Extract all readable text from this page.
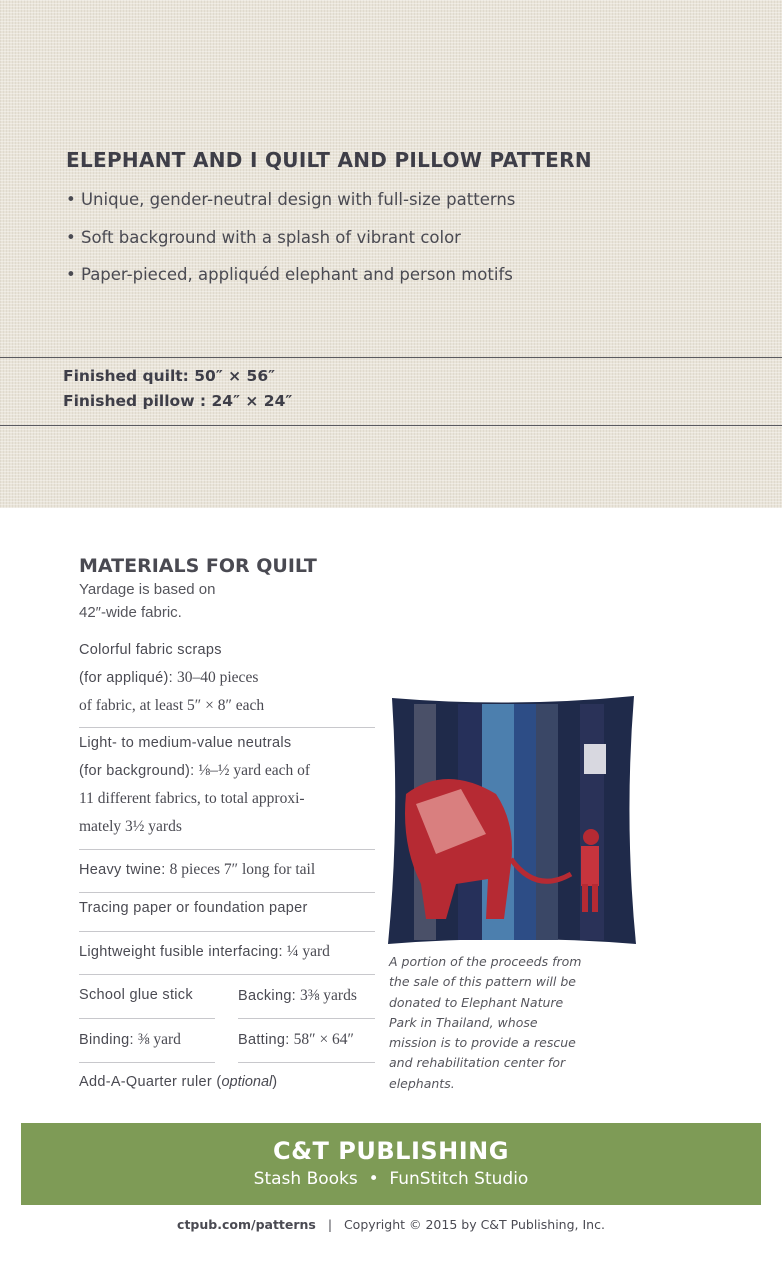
ELEPHANT AND I QUILT AND PILLOW PATTERN
• Unique, gender-neutral design with full-size patterns
• Soft background with a splash of vibrant color
• Paper-pieced, appliquéd elephant and person motifs
Finished quilt: 50″ × 56″
Finished pillow : 24″ × 24″
MATERIALS FOR QUILT
Yardage is based on
42″-wide fabric.
Colorful fabric scraps
(for appliqué): 30–40 pieces
of fabric, at least 5″ × 8″ each
Light- to medium-value neutrals
(for background): ⅛–½ yard each of
11 different fabrics, to total approxi-
mately 3½ yards
Heavy twine: 8 pieces 7″ long for tail
Tracing paper or foundation paper
Lightweight fusible interfacing: ¼ yard
School glue stick	Backing: 3⅜ yards
Binding: ⅜ yard	Batting: 58″ × 64″
Add-A-Quarter ruler (optional)
A portion of the proceeds from the sale of this pattern will be donated to Elephant Nature Park in Thailand, whose mission is to provide a rescue and rehabilitation center for elephants.
C&T PUBLISHING
Stash Books • FunStitch Studio
ctpub.com/patterns | Copyright © 2015 by C&T Publishing, Inc.
